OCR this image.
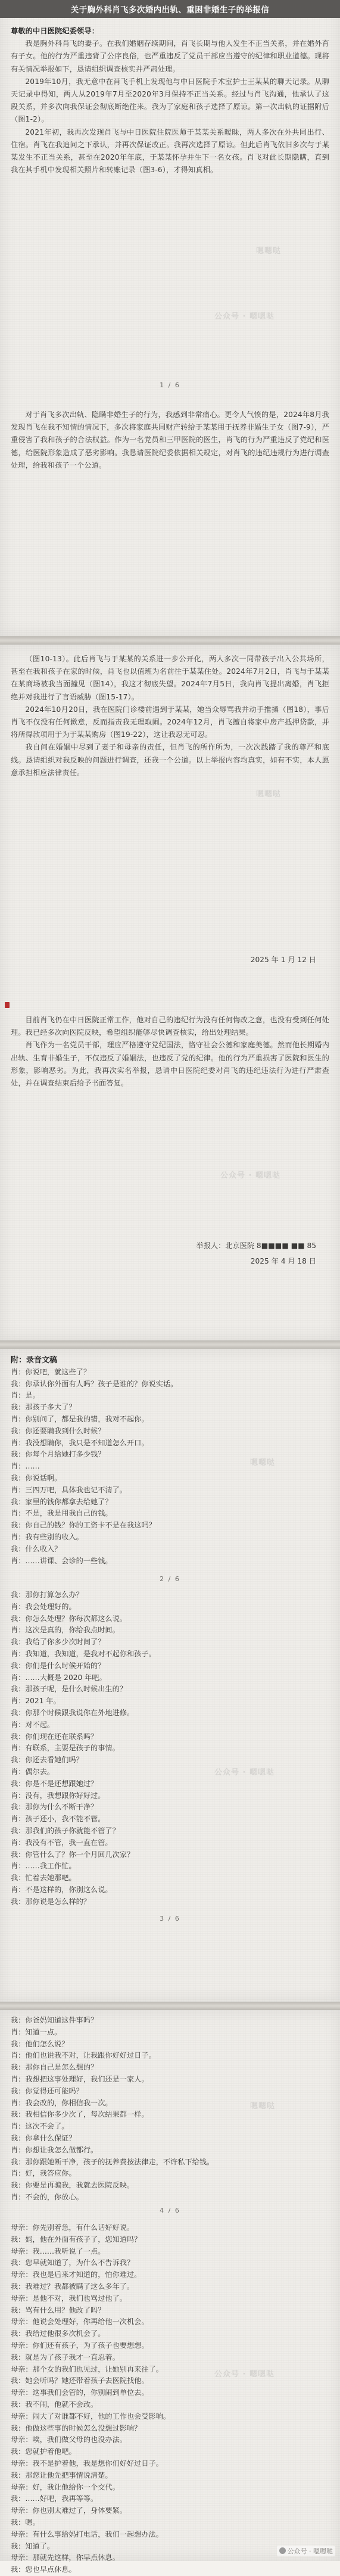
关于胸外科肖飞多次婚内出轨、重困非婚生子的举报信

尊敬的中日医院纪委领导：

我是胸外科肖飞的妻子。在我们婚姻存续期间，肖飞长期与他人发生不正当关系，并在婚外育有子女。他的行为严重违背了公序良俗，也严重违反了党员干部应当遵守的纪律和职业道德。现将有关情况举报如下，恳请组织调查核实并严肃处理。

2019年10月，我无意中在肖飞手机上发现他与中日医院手术室护士王某某的聊天记录。从聊天记录中得知，两人从2019年7月至2020年3月保持不正当关系。经过与肖飞沟通，他承认了这段关系，并多次向我保证会彻底断绝往来。我为了家庭和孩子选择了原谅。第一次出轨的证据附后（图1-2）。

2021年初，我再次发现肖飞与中日医院住院医师于某某关系暧昧，两人多次在外共同出行、住宿。肖飞在我追问之下承认，并再次保证改正。我再次选择了原谅。但此后肖飞依旧多次与于某某发生不正当关系，甚至在2020年年底，于某某怀孕并生下一名女孩。肖飞对此长期隐瞒，直到我在其手机中发现相关照片和转账记录（图3-6），才得知真相。

1 / 6

对于肖飞多次出轨、隐瞒非婚生子的行为，我感到非常痛心。更令人气愤的是，2024年8月我发现肖飞在我不知情的情况下，多次将家庭共同财产转给于某某用于抚养非婚生子女（图7-9），严重侵害了我和孩子的合法权益。作为一名党员和三甲医院的医生，肖飞的行为严重违反了党纪和医德，给医院形象造成了恶劣影响。我恳请医院纪委依据相关规定，对肖飞的违纪违规行为进行调查处理，给我和孩子一个公道。

嗯嗯哒
公众号 · 嗯嗯哒

（图10-13）。此后肖飞与于某某的关系进一步公开化，两人多次一同带孩子出入公共场所，甚至在我和孩子在家的时候，肖飞也以值班为名前往于某某住处。2024年7月2日，肖飞与于某某在某商场被我当面撞见（图14），我这才彻底失望。2024年7月5日，我向肖飞提出离婚，肖飞拒绝并对我进行了言语威胁（图15-17）。

2024年10月20日，我在医院门诊楼前遇到于某某，她当众辱骂我并动手推搡（图18），事后肖飞不仅没有任何歉意，反而指责我无理取闹。2024年12月，肖飞擅自将家中房产抵押贷款，并将所得款项用于为于某某购房（图19-22），这让我忍无可忍。

我自问在婚姻中尽到了妻子和母亲的责任，但肖飞的所作所为，一次次践踏了我的尊严和底线。恳请组织对我反映的问题进行调查，还我一个公道。以上举报内容均真实，如有不实，本人愿意承担相应法律责任。

2025 年 1 月 12 日

目前肖飞仍在中日医院正常工作，他对自己的违纪行为没有任何悔改之意，也没有受到任何处理。我已经多次向医院反映，希望组织能够尽快调查核实，给出处理结果。

肖飞作为一名党员干部，理应严格遵守党纪国法，恪守社会公德和家庭美德。然而他长期婚内出轨、生育非婚生子，不仅违反了婚姻法，也违反了党的纪律。他的行为严重损害了医院和医生的形象，影响恶劣。为此，我再次实名举报，恳请中日医院纪委对肖飞的违纪违法行为进行严肃查处，并在调查结束后给予书面答复。

举报人：北京医院 8■■■■ ■■ 85
2025 年 4 月 18 日
嗯嗯哒
公众号 · 嗯嗯哒
附：录音文稿
肖：你说吧，就这些了？
我：你承认你外面有人吗？孩子是谁的？你说实话。
肖：是。
我：那孩子多大了？
肖：你别问了，都是我的错，我对不起你。
我：你还要瞒我到什么时候？
肖：我没想瞒你，我只是不知道怎么开口。
我：你每个月给她打多少钱？
肖：……
我：你说话啊。
肖：三四万吧，具体我也记不清了。
我：家里的钱你都拿去给她了？
肖：不是，我是用我自己的钱。
我：你自己的钱？你的工资卡不是在我这吗？
肖：我有些别的收入。
我：什么收入？
肖：……讲课、会诊的一些钱。
2 / 6
我：那你打算怎么办？
肖：我会处理好的。
我：你怎么处理？你每次都这么说。
肖：这次是真的，你给我点时间。
我：我给了你多少次时间了？
肖：我知道，我知道，是我对不起你和孩子。
我：你们是什么时候开始的？
肖：……大概是 2020 年吧。
我：那孩子呢，是什么时候出生的？
肖：2021 年。
我：你那个时候跟我说你在外地进修。
肖：对不起。
我：你们现在还在联系吗？
肖：有联系，主要是孩子的事情。
我：你还去看她们吗？
肖：偶尔去。
我：你是不是还想跟她过？
肖：没有，我想跟你好好过。
我：那你为什么不断干净？
肖：孩子还小，我不能不管。
我：那我们的孩子你就能不管了？
肖：我没有不管，我一直在管。
我：你管什么了？你一个月回几次家？
肖：……我工作忙。
我：忙着去她那吧。
肖：不是这样的，你别这么说。
我：那你说是怎么样的？
3 / 6
嗯嗯哒
公众号 · 嗯嗯哒
我：你爸妈知道这件事吗？
肖：知道一点。
我：他们怎么说？
肖：他们也说我不对，让我跟你好好过日子。
我：那你自己是怎么想的？
肖：我想把这事处理好，我们还是一家人。
我：你觉得还可能吗？
肖：我会改的，你相信我一次。
我：我相信你多少次了，每次结果都一样。
肖：这次不会了。
我：你拿什么保证？
肖：你想让我怎么做都行。
我：那你跟她断干净，孩子的抚养费按法律走，不许私下给钱。
肖：好，我答应你。
我：你要是再骗我，我就去医院反映。
肖：不会的，你放心。
4 / 6
母亲：你先别着急，有什么话好好说。
我：妈，他在外面有孩子了，您知道吗？
母亲：我……我听说了一点。
我：您早就知道了，为什么不告诉我？
母亲：我也是后来才知道的，怕你难过。
我：我难过？我都被瞒了这么多年了。
母亲：是他不对，我们也骂过他了。
我：骂有什么用？他改了吗？
母亲：他说会处理好，你再给他一次机会。
我：我给过他很多次机会了。
母亲：你们还有孩子，为了孩子也要想想。
我：就是为了孩子我才一直忍着。
母亲：那个女的我们也见过，让她别再来往了。
我：她会听吗？她还带着孩子去医院找他。
母亲：这事我们会管的，你别闹到单位去。
我：我不闹，他就不会改。
母亲：闹大了对谁都不好，他的工作也会受影响。
我：他做这些事的时候怎么没想过影响？
母亲：唉，我们做父母的也没办法。
我：您就护着他吧。
母亲：我不是护着他，我是想你们好好过日子。
我：那您让他先把事情说清楚。
母亲：好，我让他给你一个交代。
我：……好吧，我再等等。
母亲：你也别太难过了，身体要紧。
我：嗯。
母亲：有什么事给妈打电话，我们一起想办法。
我：知道了。
母亲：那就先这样，你早点休息。
我：您也早点休息。
嗯嗯哒
公众号 · 嗯嗯哒
公众号 · 嗯嗯哒
